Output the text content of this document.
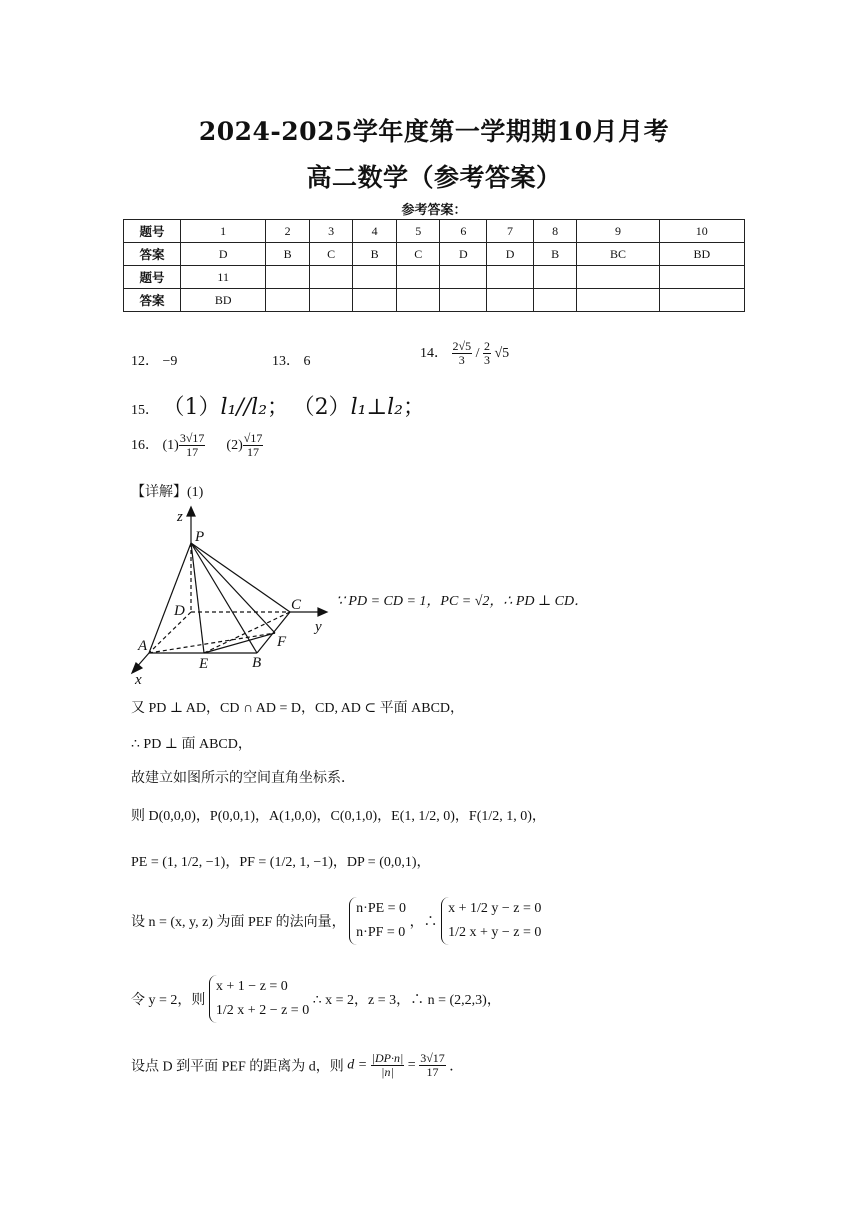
2024-2025学年度第一学期期10月月考
高二数学（参考答案）
参考答案：
题号	1	2	3	4	5	6	7	8	9	10
答案	D	B	C	B	C	D	D	B	BC	BD
题号	11									
答案	BD									
12． −9	13． 6
14． $\frac{2√5}{3} / \frac{2}{3} √5$
15． （1）l₁//l₂； （2）l₁⊥l₂；
16． $(1) \frac{3√17}{17} (2) \frac{√17}{17}$
【详解】(1)
z
P
D	C
y
A	F
E	B
x
∵ PD = CD = 1，PC = √2，∴ PD ⊥ CD．
又 PD ⊥ AD，CD ∩ AD = D，CD, AD ⊂ 平面 ABCD，
∴ PD ⊥ 面 ABCD，
故建立如图所示的空间直角坐标系．
则 D(0,0,0)，P(0,0,1)，A(1,0,0)，C(0,1,0)，E(1, 1/2, 0)，F(1/2, 1, 0)，
PE = (1, 1/2, −1)，PF = (1/2, 1, −1)，DP = (0,0,1)，
设 n = (x, y, z) 为面 PEF 的法向量，
n·PE = 0
n·PF = 0
，∴
x + 1/2 y − z = 0
1/2 x + y − z = 0
令 y = 2，则
x + 1 − z = 0
1/2 x + 2 − z = 0
∴ x = 2，z = 3，∴ n = (2,2,3)，
设点 D 到平面 PEF 的距离为 d，则 $d = \frac{|DP\cdot n|}{|n|} = \frac{3√17}{17}$ ．
